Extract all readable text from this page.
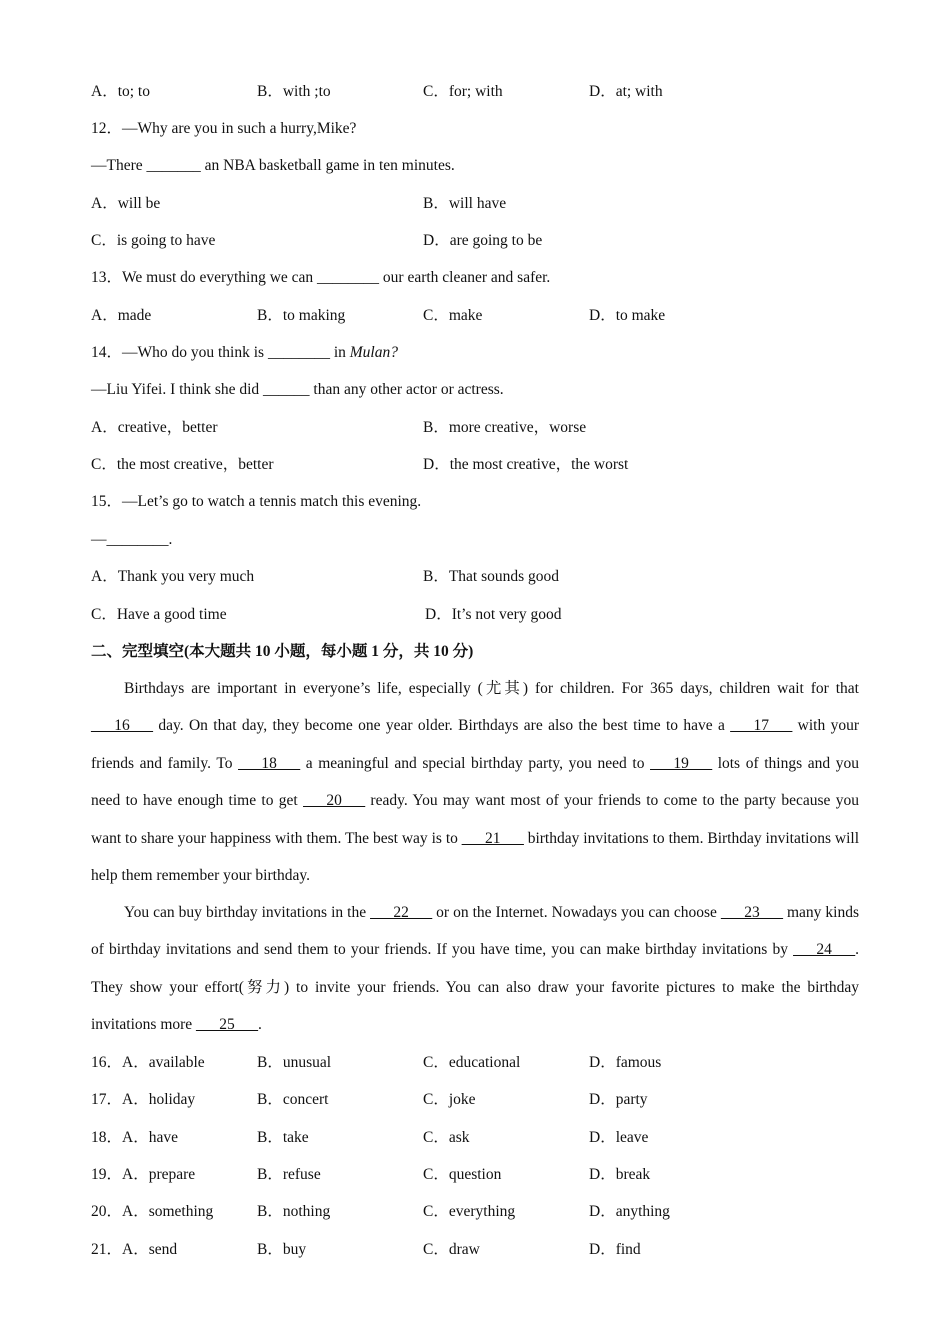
A．to; to	B．with ;to	C．for; with	D．at; with
12．—Why are you in such a hurry,Mike?
—There _______ an NBA basketball game in ten minutes.
A．will be	B．will have
C．is going to have	D．are going to be
13．We must do everything we can ________ our earth cleaner and safer.
A．made	B．to making	C．make	D．to make
14．—Who do you think is ________ in Mulan?
—Liu Yifei. I think she did ______ than any other actor or actress.
A．creative，better	B．more creative，worse
C．the most creative，better	D．the most creative，the worst
15．—Let’s go to watch a tennis match this evening.
—________.
A．Thank you very much	B．That sounds good
C．Have a good time	D．It’s not very good
二、完型填空(本大题共 10 小题，每小题 1 分，共 10 分)
Birthdays are important in everyone’s life, especially (尤其) for children. For 365 days, children wait for that ___16___ day. On that day, they become one year older. Birthdays are also the best time to have a ___17___ with your friends and family. To ___18___ a meaningful and special birthday party, you need to ___19___ lots of things and you need to have enough time to get ___20___ ready. You may want most of your friends to come to the party because you want to share your happiness with them. The best way is to ___21___ birthday invitations to them. Birthday invitations will help them remember your birthday.
You can buy birthday invitations in the ___22___ or on the Internet. Nowadays you can choose ___23___ many kinds of birthday invitations and send them to your friends. If you have time, you can make birthday invitations by ___24___. They show your effort(努力) to invite your friends. You can also draw your favorite pictures to make the birthday invitations more ___25___.
16．A．available	B．unusual	C．educational	D．famous
17．A．holiday	B．concert	C．joke	D．party
18．A．have	B．take	C．ask	D．leave
19．A．prepare	B．refuse	C．question	D．break
20．A．something	B．nothing	C．everything	D．anything
21．A．send	B．buy	C．draw	D．find
